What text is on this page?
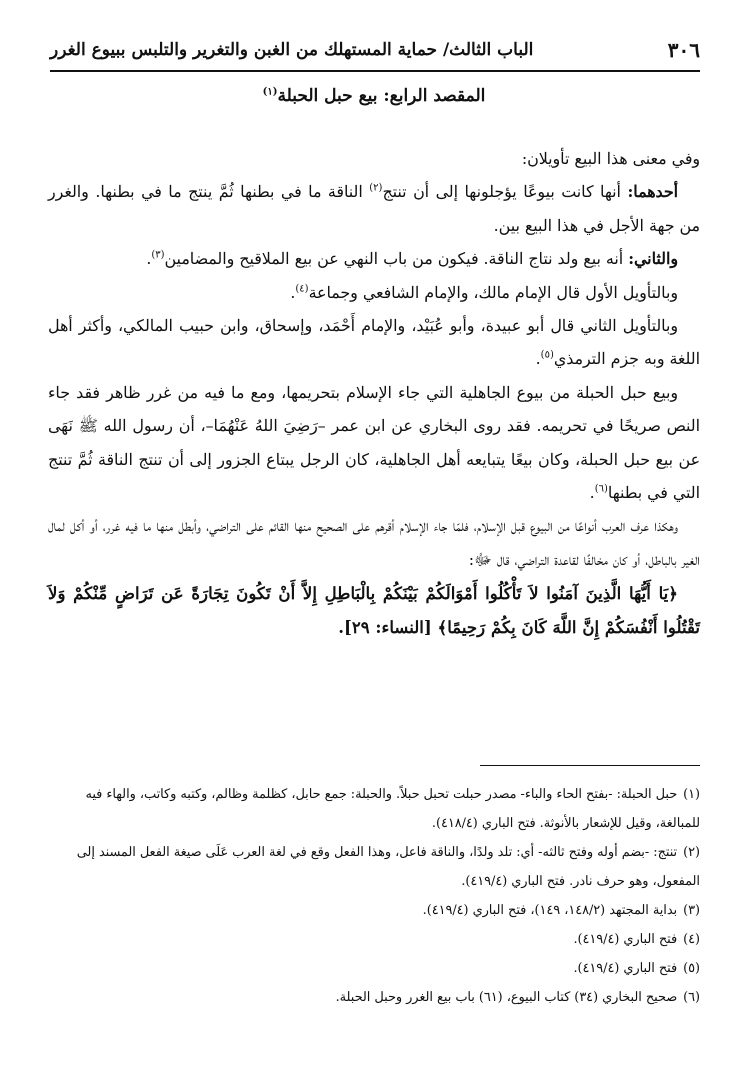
٣٠٦
الباب الثالث/ حماية المستهلك من الغبن والتغرير والتلبس ببيوع الغرر
المقصد الرابع: بيع حبل الحبلة$^{(١)}$

وفي معنى هذا البيع تأويلان:

أحدهما: أنها كانت بيوعًا يؤجلونها إلى أن تنتج$^{(٢)}$ الناقة ما في بطنها ثُمَّ ينتج ما في بطنها. والغرر من جهة الأجل في هذا البيع بين.

والثاني: أنه بيع ولد نتاج الناقة. فيكون من باب النهي عن بيع الملاقيح والمضامين$^{(٣)}$.

وبالتأويل الأول قال الإمام مالك، والإمام الشافعي وجماعة$^{(٤)}$.

وبالتأويل الثاني قال أبو عبيدة، وأبو عُبَيْد، والإمام أَحْمَد، وإسحاق، وابن حبيب المالكي، وأكثر أهل اللغة وبه جزم الترمذي$^{(٥)}$.

وبيع حبل الحبلة من بيوع الجاهلية التي جاء الإسلام بتحريمها، ومع ما فيه من غرر ظاهر فقد جاء النص صريحًا في تحريمه. فقد روى البخاري عن ابن عمر –رَضِيَ اللهُ عَنْهُمَا–، أن رسول الله ﷺ نَهَى عن بيع حبل الحبلة، وكان بيعًا يتبايعه أهل الجاهلية، كان الرجل يبتاع الجزور إلى أن تنتج الناقة ثُمَّ تنتج التي في بطنها$^{(٦)}$.

وهكذا عرف العرب أنواعًا من البيوع قبل الإسلام، فلمّا جاء الإسلام أقرهم على الصحيح منها القائم على التراضي، وأبطل منها ما فيه غرر، أو أكل لمال الغير بالباطل، أو كان مخالفًا لقاعدة التراضي، قال ﷻ:

﴿يَا أَيُّهَا الَّذِينَ آمَنُوا لاَ تَأْكُلُوا أَمْوَالَكُمْ بَيْنَكُمْ بِالْبَاطِلِ إِلاَّ أَنْ تَكُونَ تِجَارَةً عَن تَرَاضٍ مِّنْكُمْ وَلاَ تَقْتُلُوا أَنْفُسَكُمْ إِنَّ اللَّهَ كَانَ بِكُمْ رَحِيمًا﴾ [النساء: ٢٩].

(١)حبل الحبلة: -بفتح الحاء والباء- مصدر حبلت تحبل حبلاً. والحبلة: جمع حابل، كظلمة وظالم، وكتبه وكاتب، والهاء فيه للمبالغة، وقيل للإشعار بالأنوثة. فتح الباري (٤١٨/٤).

(٢)تنتج: -بضم أوله وفتح ثالثه- أي: تلد ولدًا، والناقة فاعل، وهذا الفعل وقع في لغة العرب عَلَى صيغة الفعل المسند إلى المفعول، وهو حرف نادر. فتح الباري (٤١٩/٤).

(٣)بداية المجتهد (١٤٨/٢، ١٤٩)، فتح الباري (٤١٩/٤).

(٤)فتح الباري (٤١٩/٤).

(٥)فتح الباري (٤١٩/٤).

(٦)صحيح البخاري (٣٤) كتاب البيوع، (٦١) باب بيع الغرر وحبل الحبلة.
